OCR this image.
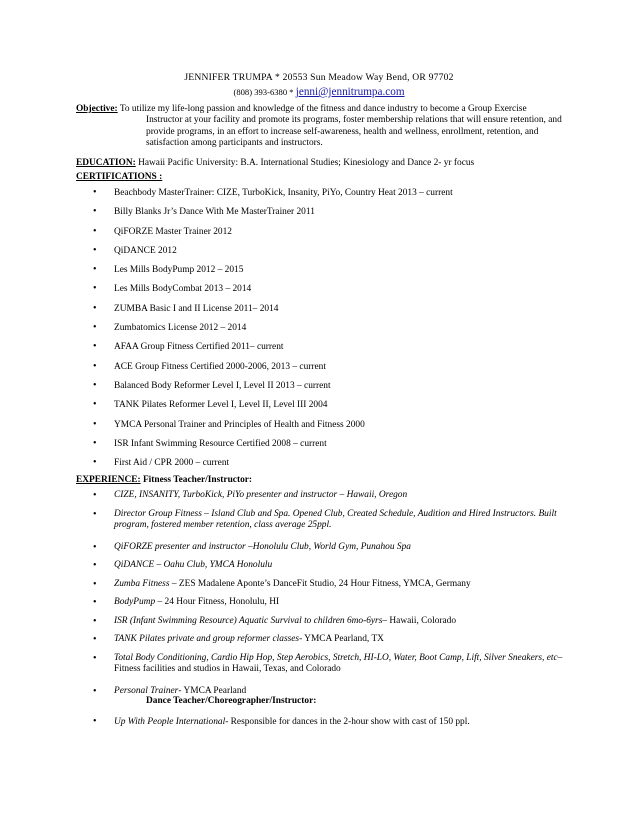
JENNIFER TRUMPA * 20553 Sun Meadow Way Bend, OR 97702
(808) 393-6380 * jenni@jennitrumpa.com
Objective: To utilize my life-long passion and knowledge of the fitness and dance industry to become a Group Exercise
Instructor at your facility and promote its programs, foster membership relations that will ensure retention, and
provide programs, in an effort to increase self-awareness, health and wellness, enrollment, retention, and
satisfaction among participants and instructors.
EDUCATION: Hawaii Pacific University: B.A. International Studies; Kinesiology and Dance 2- yr focus
CERTIFICATIONS :
• Beachbody MasterTrainer: CIZE, TurboKick, Insanity, PiYo, Country Heat 2013 – current
• Billy Blanks Jr’s Dance With Me MasterTrainer 2011
• QiFORZE Master Trainer 2012
• QiDANCE 2012
• Les Mills BodyPump 2012 – 2015
• Les Mills BodyCombat 2013 – 2014
• ZUMBA Basic I and II License 2011– 2014
• Zumbatomics License 2012 – 2014
• AFAA Group Fitness Certified 2011– current
• ACE Group Fitness Certified 2000-2006, 2013 – current
• Balanced Body Reformer Level I, Level II 2013 – current
• TANK Pilates Reformer Level I, Level II, Level III 2004
• YMCA Personal Trainer and Principles of Health and Fitness 2000
• ISR Infant Swimming Resource Certified 2008 – current
• First Aid / CPR 2000 – current
EXPERIENCE: Fitness Teacher/Instructor:
• CIZE, INSANITY, TurboKick, PiYo presenter and instructor – Hawaii, Oregon
• Director Group Fitness – Island Club and Spa. Opened Club, Created Schedule, Audition and Hired Instructors. Built program, fostered member retention, class average 25ppl.
• QiFORZE presenter and instructor –Honolulu Club, World Gym, Punahou Spa
• QiDANCE – Oahu Club, YMCA Honolulu
• Zumba Fitness – ZES Madalene Aponte’s DanceFit Studio, 24 Hour Fitness, YMCA, Germany
• BodyPump – 24 Hour Fitness, Honolulu, HI
• ISR (Infant Swimming Resource) Aquatic Survival to children 6mo-6yrs– Hawaii, Colorado
• TANK Pilates private and group reformer classes- YMCA Pearland, TX
• Total Body Conditioning, Cardio Hip Hop, Step Aerobics, Stretch, HI-LO, Water, Boot Camp, Lift, Silver Sneakers, etc– Fitness facilities and studios in Hawaii, Texas, and Colorado
• Personal Trainer- YMCA Pearland
Dance Teacher/Choreographer/Instructor:
• Up With People International- Responsible for dances in the 2-hour show with cast of 150 ppl.
